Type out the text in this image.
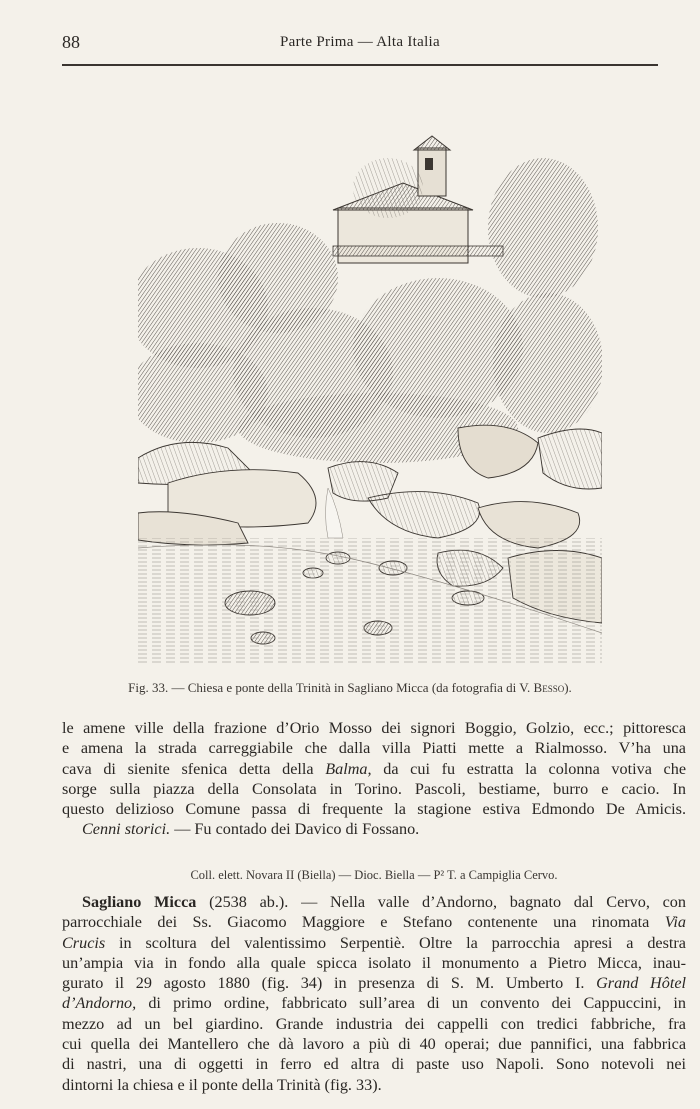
88	Parte Prima — Alta Italia
Fig. 33. — Chiesa e ponte della Trinità in Sagliano Micca (da fotografia di V. Besso).
le amene ville della frazione d’Orio Mosso dei signori Boggio, Golzio, ecc.; pittoresca
e amena la strada carreggiabile che dalla villa Piatti mette a Rialmosso. V’ha una
cava di sienite sfenica detta della Balma, da cui fu estratta la colonna votiva che
sorge sulla piazza della Consolata in Torino. Pascoli, bestiame, burro e cacio. In
questo delizioso Comune passa di frequente la stagione estiva Edmondo De Amicis.
Cenni storici. — Fu contado dei Davico di Fossano.
Coll. elett. Novara II (Biella) — Dioc. Biella — P² T. a Campiglia Cervo.
Sagliano Micca (2538 ab.). — Nella valle d’Andorno, bagnato dal Cervo, con
parrocchiale dei Ss. Giacomo Maggiore e Stefano contenente una rinomata Via
Crucis in scoltura del valentissimo Serpentiè. Oltre la parrocchia apresi a destra
un’ampia via in fondo alla quale spicca isolato il monumento a Pietro Micca, inau-
gurato il 29 agosto 1880 (fig. 34) in presenza di S. M. Umberto I. Grand Hôtel
d’Andorno, di primo ordine, fabbricato sull’area di un convento dei Cappuccini, in
mezzo ad un bel giardino. Grande industria dei cappelli con tredici fabbriche, fra
cui quella dei Mantellero che dà lavoro a più di 40 operai; due pannifici, una fabbrica
di nastri, una di oggetti in ferro ed altra di paste uso Napoli. Sono notevoli nei
dintorni la chiesa e il ponte della Trinità (fig. 33).
